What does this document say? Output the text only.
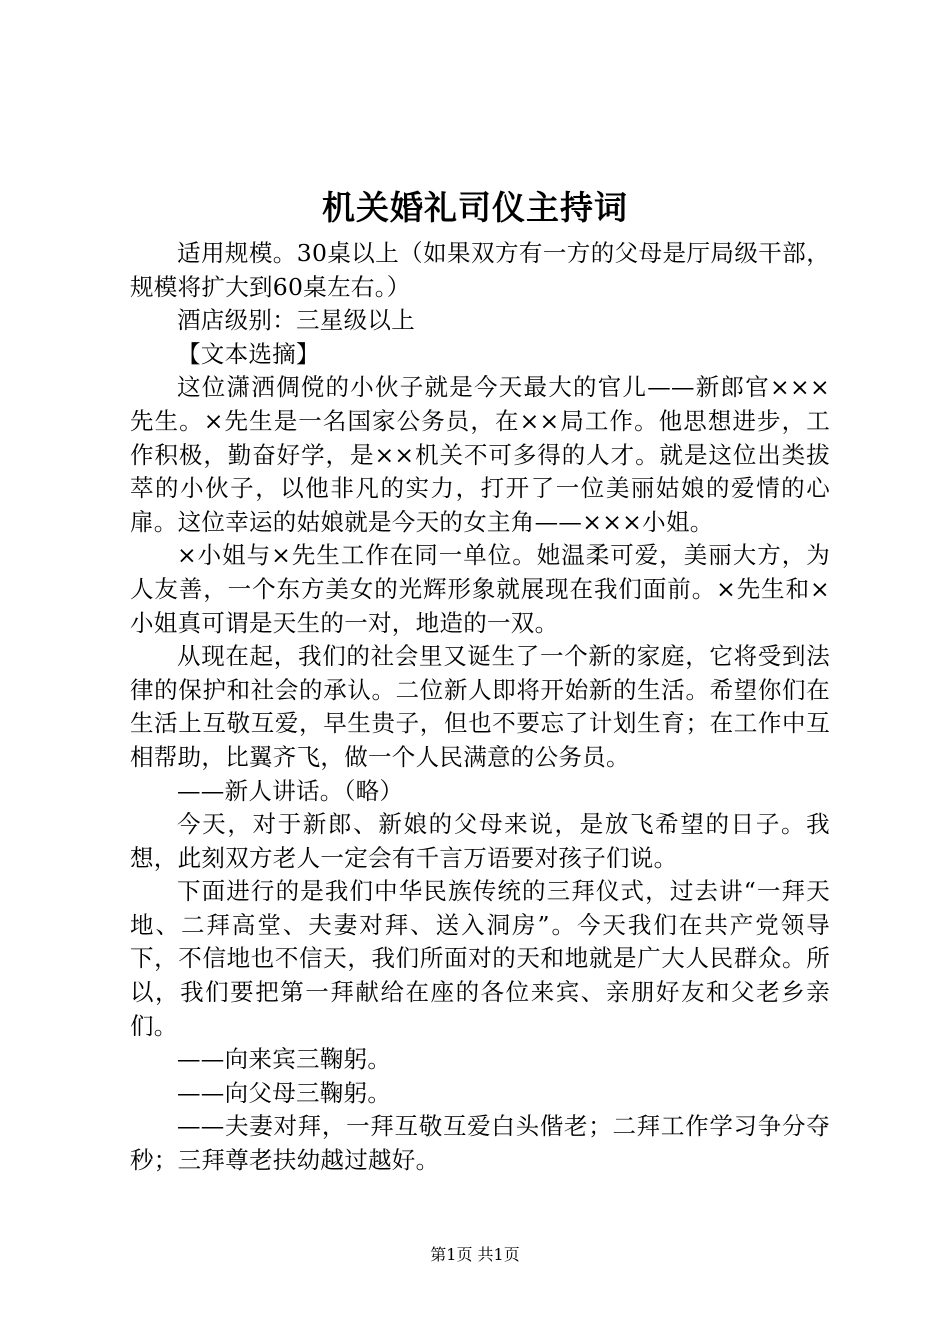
机关婚礼司仪主持词

适用规模。30桌以上（如果双方有一方的父母是厅局级干部，规模将扩大到60桌左右。）

酒店级别：三星级以上

【文本选摘】

这位潇洒倜傥的小伙子就是今天最大的官儿——新郎官×××先生。×先生是一名国家公务员，在××局工作。他思想进步，工作积极，勤奋好学，是××机关不可多得的人才。就是这位出类拔萃的小伙子，以他非凡的实力，打开了一位美丽姑娘的爱情的心扉。这位幸运的姑娘就是今天的女主角——×××小姐。

×小姐与×先生工作在同一单位。她温柔可爱，美丽大方，为人友善，一个东方美女的光辉形象就展现在我们面前。×先生和×小姐真可谓是天生的一对，地造的一双。

从现在起，我们的社会里又诞生了一个新的家庭，它将受到法律的保护和社会的承认。二位新人即将开始新的生活。希望你们在生活上互敬互爱，早生贵子，但也不要忘了计划生育；在工作中互相帮助，比翼齐飞，做一个人民满意的公务员。

——新人讲话。（略）

今天，对于新郎、新娘的父母来说，是放飞希望的日子。我想，此刻双方老人一定会有千言万语要对孩子们说。

下面进行的是我们中华民族传统的三拜仪式，过去讲“一拜天地、二拜高堂、夫妻对拜、送入洞房”。今天我们在共产党领导下，不信地也不信天，我们所面对的天和地就是广大人民群众。所以，我们要把第一拜献给在座的各位来宾、亲朋好友和父老乡亲们。

——向来宾三鞠躬。

——向父母三鞠躬。

——夫妻对拜，一拜互敬互爱白头偕老；二拜工作学习争分夺秒；三拜尊老扶幼越过越好。

第1页 共1页
